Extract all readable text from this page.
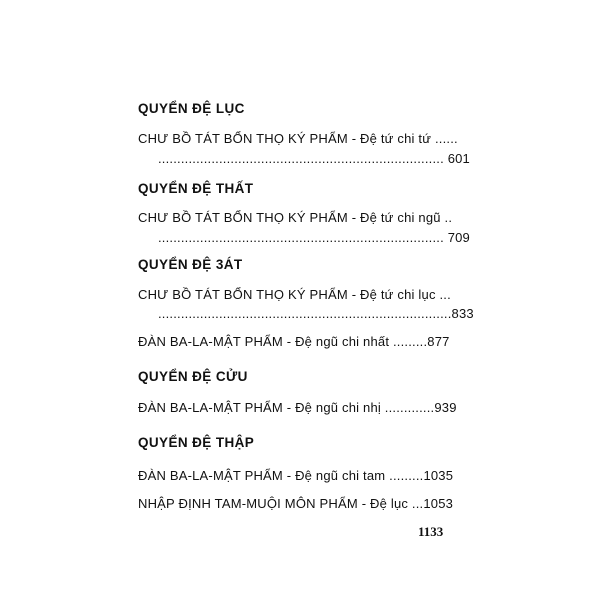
QUYỂN ĐỆ LỤC
CHƯ BỒ TÁT BỔN THỌ KÝ PHẨM - Đệ tứ chi tứ ......
........................................................................... 601
QUYỂN ĐỆ THẤT
CHƯ BỒ TÁT BỔN THỌ KÝ PHẨM - Đệ tứ chi ngũ ..
........................................................................... 709
QUYỂN ĐỆ 3ÁT
CHƯ BỒ TÁT BỔN THỌ KÝ PHẨM - Đệ tứ chi lục ...
.............................................................................833
ĐÀN BA-LA-MẬT PHẨM - Đệ ngũ chi nhất .........877
QUYỂN ĐỆ CỬU
ĐÀN BA-LA-MẬT PHẨM - Đệ ngũ chi nhị .............939
QUYỂN ĐỆ THẬP
ĐÀN BA-LA-MẬT PHẨM - Đệ ngũ chi tam .........1035
NHẬP ĐỊNH TAM-MUỘI MÔN PHẨM - Đệ lục ...1053
1133
